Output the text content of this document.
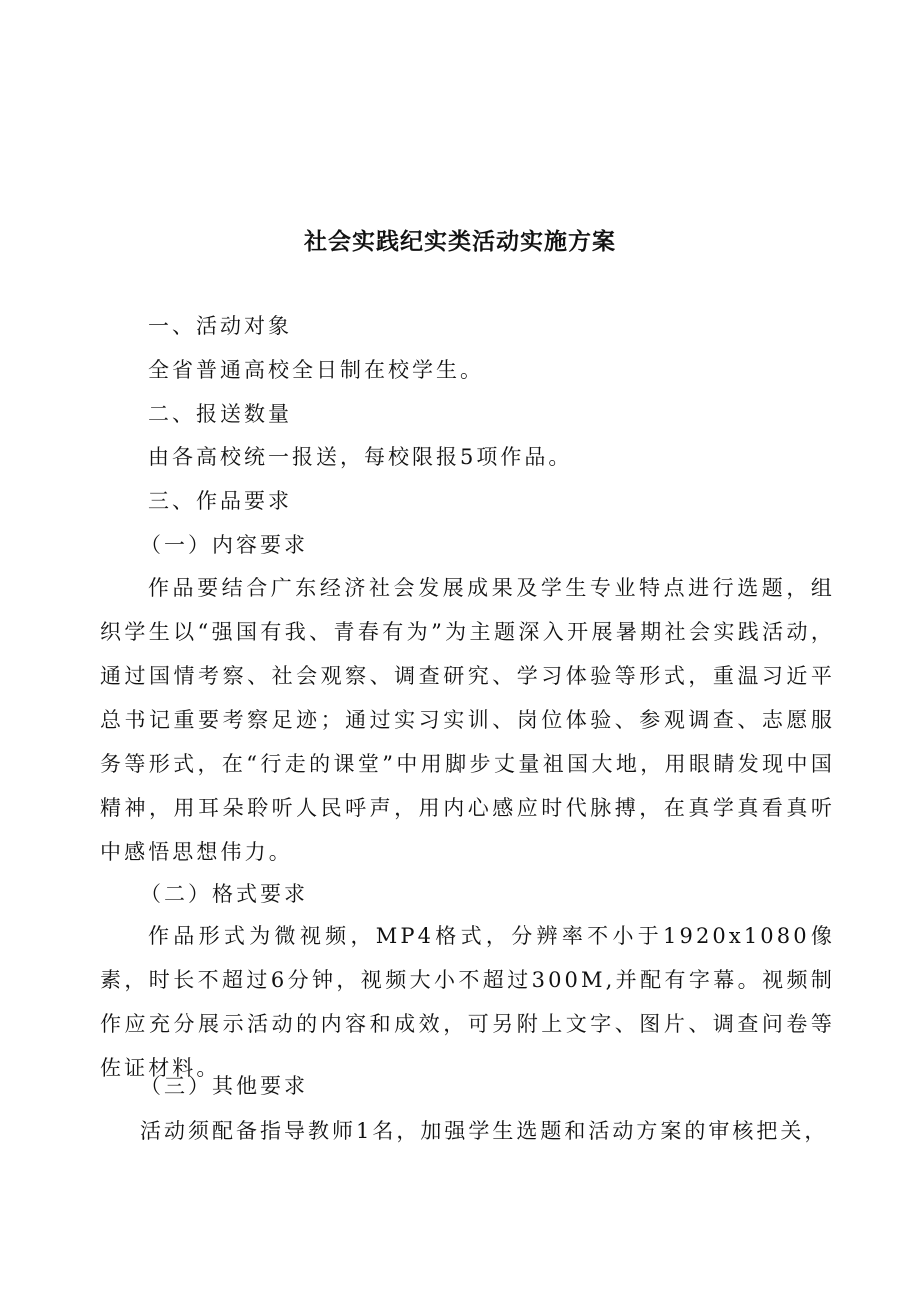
社会实践纪实类活动实施方案
一、活动对象
全省普通高校全日制在校学生。
二、报送数量
由各高校统一报送，每校限报5项作品。
三、作品要求
（一）内容要求
作品要结合广东经济社会发展成果及学生专业特点进行选题，组织学生以“强国有我、青春有为”为主题深入开展暑期社会实践活动，通过国情考察、社会观察、调查研究、学习体验等形式，重温习近平总书记重要考察足迹；通过实习实训、岗位体验、参观调查、志愿服务等形式，在“行走的课堂”中用脚步丈量祖国大地，用眼睛发现中国精神，用耳朵聆听人民呼声，用内心感应时代脉搏，在真学真看真听中感悟思想伟力。
（二）格式要求
作品形式为微视频，MP4格式，分辨率不小于1920x1080像素，时长不超过6分钟，视频大小不超过300M,并配有字幕。视频制作应充分展示活动的内容和成效，可另附上文字、图片、调查问卷等佐证材料。
（三）其他要求
活动须配备指导教师1名，加强学生选题和活动方案的审核把关，
